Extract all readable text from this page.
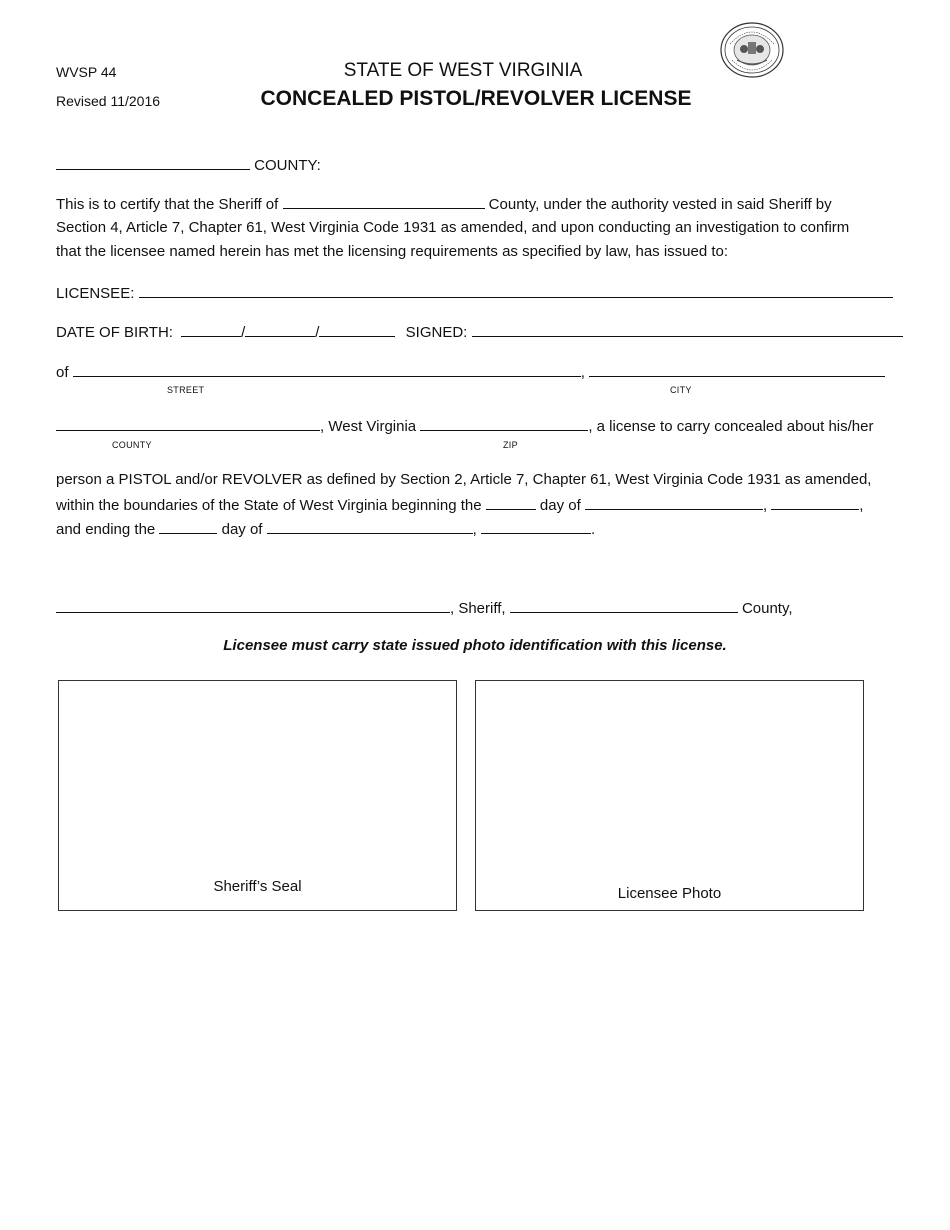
WVSP 44
Revised 11/2016
STATE OF WEST VIRGINIA
CONCEALED PISTOL/REVOLVER LICENSE
COUNTY:
This is to certify that the Sheriff of	County, under the authority vested in said Sheriff by
Section 4, Article 7, Chapter 61, West Virginia Code 1931 as amended, and upon conducting an investigation to confirm
that the licensee named herein has met the licensing requirements as specified by law, has issued to:
LICENSEE:
DATE OF BIRTH:	/	/	SIGNED:
of	,
STREET	CITY
, West Virginia	, a license to carry concealed about his/her
COUNTY	ZIP
person a PISTOL and/or REVOLVER as defined by Section 2, Article 7, Chapter 61, West Virginia Code 1931 as amended,
within the boundaries of the State of West Virginia beginning the	day of	,	,
and ending the	day of	,	.
, Sheriff,	County,
Licensee must carry state issued photo identification with this license.
Sheriff’s Seal	Licensee Photo
